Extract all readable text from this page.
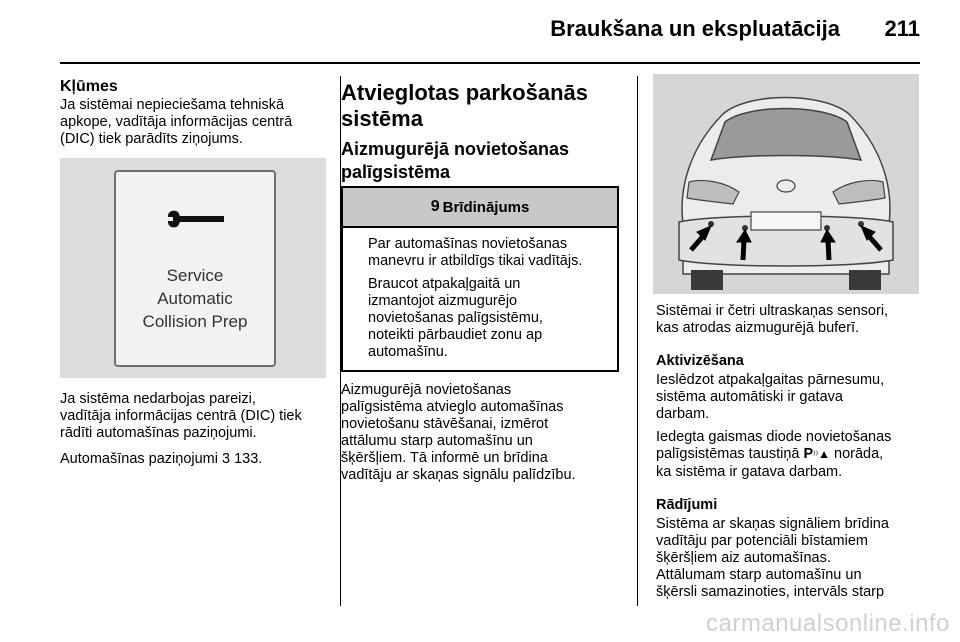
Braukšana un ekspluatācija 211
Kļūmes

Ja sistēmai nepieciešama tehniskā

apkope, vadītāja informācijas centrā

(DIC) tiek parādīts ziņojums.

Service
Automatic
Collision Prep

Ja sistēma nedarbojas pareizi,

vadītāja informācijas centrā (DIC) tiek

rādīti automašīnas paziņojumi.

Automašīnas paziņojumi 3 133.
Atvieglotas parkošanās
sistēma
Aizmugurējā novietošanas
palīgsistēma
9 Brīdinājums

Par automašīnas novietošanas
manevru ir atbildīgs tikai vadītājs.

Braucot atpakaļgaitā un
izmantojot aizmugurējo
novietošanas palīgsistēmu,
noteikti pārbaudiet zonu ap
automašīnu.

Aizmugurējā novietošanas

palīgsistēma atvieglo automašīnas

novietošanu stāvēšanai, izmērot

attālumu starp automašīnu un

šķēršļiem. Tā informē un brīdina

vadītāju ar skaņas signālu palīdzību.

Sistēmai ir četri ultraskaņas sensori,

kas atrodas aizmugurējā buferī.

Aktivizēšana

Ieslēdzot atpakaļgaitas pārnesumu,

sistēma automātiski ir gatava

darbam.

Iedegta gaismas diode novietošanas

palīgsistēmas taustiņā P⁾⁾▲ norāda,

ka sistēma ir gatava darbam.

Rādījumi

Sistēma ar skaņas signāliem brīdina

vadītāju par potenciāli bīstamiem

šķēršļiem aiz automašīnas.

Attālumam starp automašīnu un

šķērsli samazinoties, intervāls starp

carmanualsonline.info
